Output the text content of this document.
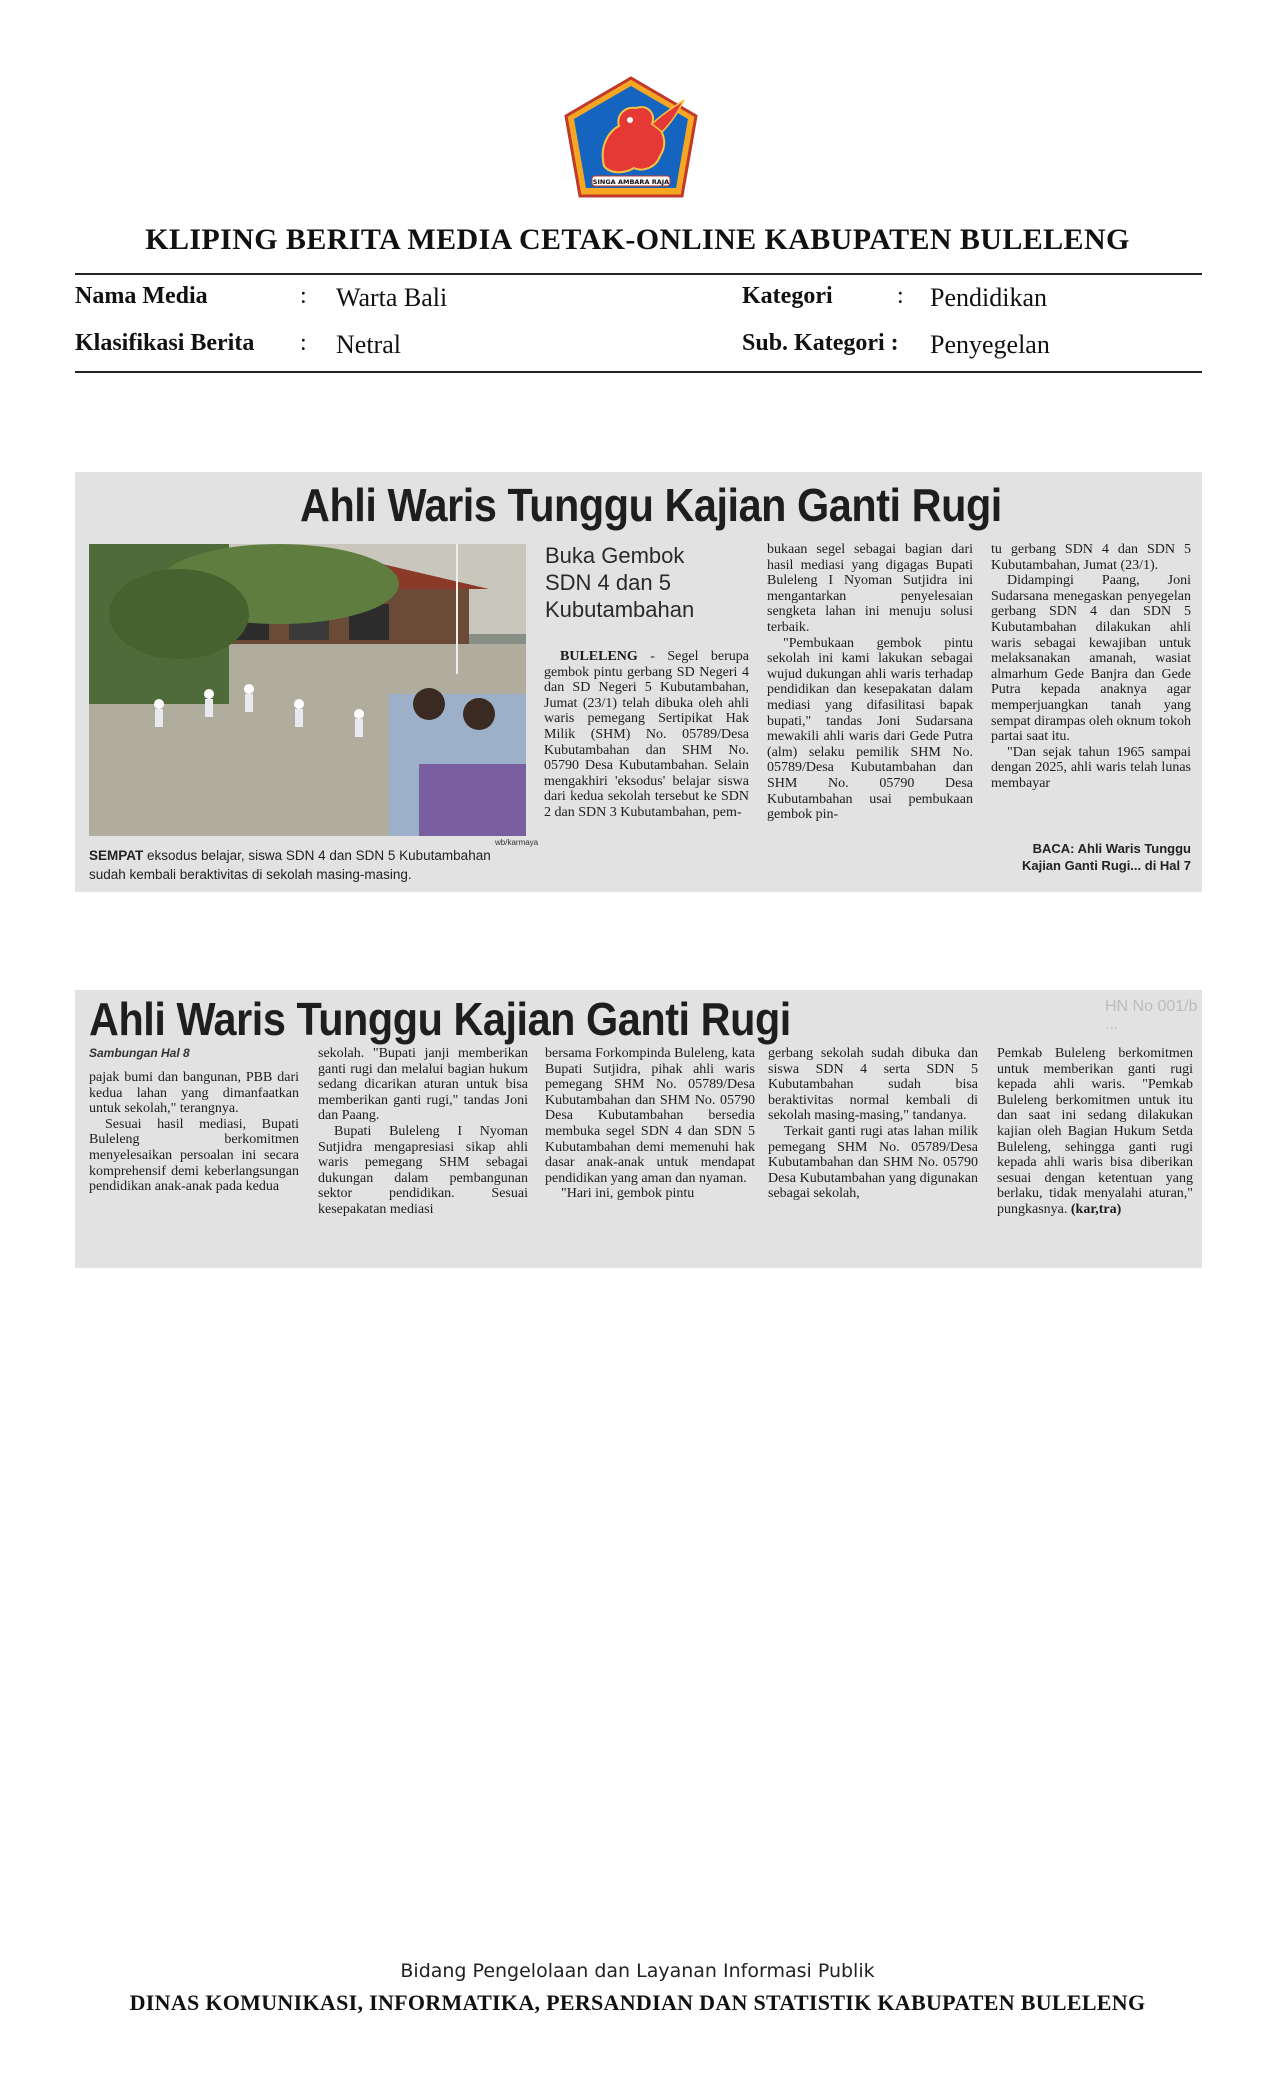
SINGA AMBARA RAJA
KLIPING BERITA MEDIA CETAK-ONLINE KABUPATEN BULELENG
Nama Media	: Warta Bali	Kategori	: Pendidikan
Klasifikasi Berita : Netral	Sub. Kategori : Penyegelan
Ahli Waris Tunggu Kajian Ganti Rugi
wb/karmaya
SEMPAT eksodus belajar, siswa SDN 4 dan SDN 5 Kubutambahan sudah kembali beraktivitas di sekolah masing-masing.
Buka Gembok SDN 4 dan 5 Kubutambahan

BULELENG - Segel berupa gembok pintu gerbang SD Negeri 4 dan SD Negeri 5 Kubutambahan, Jumat (23/1) telah dibuka oleh ahli waris pemegang Sertipikat Hak Milik (SHM) No. 05789/Desa Kubutambahan dan SHM No. 05790 Desa Kubutambahan. Selain mengakhiri 'eksodus' belajar siswa dari kedua sekolah tersebut ke SDN 2 dan SDN 3 Kubutambahan, pem-

bukaan segel sebagai bagian dari hasil mediasi yang digagas Bupati Buleleng I Nyoman Sutjidra ini mengantarkan penyelesaian sengketa lahan ini menuju solusi terbaik.

"Pembukaan gembok pintu sekolah ini kami lakukan sebagai wujud dukungan ahli waris terhadap pendidikan dan kesepakatan dalam mediasi yang difasilitasi bapak bupati," tandas Joni Sudarsana mewakili ahli waris dari Gede Putra (alm) selaku pemilik SHM No. 05789/Desa Kubutambahan dan SHM No. 05790 Desa Kubutambahan usai pembukaan gembok pin-

tu gerbang SDN 4 dan SDN 5 Kubutambahan, Jumat (23/1).

Didampingi Paang, Joni Sudarsana menegaskan penyegelan gerbang SDN 4 dan SDN 5 Kubutambahan dilakukan ahli waris sebagai kewajiban untuk melaksanakan amanah, wasiat almarhum Gede Banjra dan Gede Putra kepada anaknya agar memperjuangkan tanah yang sempat dirampas oleh oknum tokoh partai saat itu.

"Dan sejak tahun 1965 sampai dengan 2025, ahli waris telah lunas membayar

BACA: Ahli Waris Tunggu Kajian Ganti Rugi... di Hal 7
Ahli Waris Tunggu Kajian Ganti Rugi	HN No 001/b ...
Sambungan Hal 8

pajak bumi dan bangunan, PBB dari kedua lahan yang dimanfaatkan untuk sekolah," terangnya.

Sesuai hasil mediasi, Bupati Buleleng berkomitmen menyelesaikan persoalan ini secara komprehensif demi keberlangsungan pendidikan anak-anak pada kedua

sekolah. "Bupati janji memberikan ganti rugi dan melalui bagian hukum sedang dicarikan aturan untuk bisa memberikan ganti rugi," tandas Joni dan Paang.

Bupati Buleleng I Nyoman Sutjidra mengapresiasi sikap ahli waris pemegang SHM sebagai dukungan dalam pembangunan sektor pendidikan. Sesuai kesepakatan mediasi

bersama Forkompinda Buleleng, kata Bupati Sutjidra, pihak ahli waris pemegang SHM No. 05789/Desa Kubutambahan dan SHM No. 05790 Desa Kubutambahan bersedia membuka segel SDN 4 dan SDN 5 Kubutambahan demi memenuhi hak dasar anak-anak untuk mendapat pendidikan yang aman dan nyaman.

"Hari ini, gembok pintu

gerbang sekolah sudah dibuka dan siswa SDN 4 serta SDN 5 Kubutambahan sudah bisa beraktivitas normal kembali di sekolah masing-masing," tandanya.

Terkait ganti rugi atas lahan milik pemegang SHM No. 05789/Desa Kubutambahan dan SHM No. 05790 Desa Kubutambahan yang digunakan sebagai sekolah,

Pemkab Buleleng berkomitmen untuk memberikan ganti rugi kepada ahli waris. "Pemkab Buleleng berkomitmen untuk itu dan saat ini sedang dilakukan kajian oleh Bagian Hukum Setda Buleleng, sehingga ganti rugi kepada ahli waris bisa diberikan sesuai dengan ketentuan yang berlaku, tidak menyalahi aturan," pungkasnya. (kar,tra)

Bidang Pengelolaan dan Layanan Informasi Publik
DINAS KOMUNIKASI, INFORMATIKA, PERSANDIAN DAN STATISTIK KABUPATEN BULELENG
